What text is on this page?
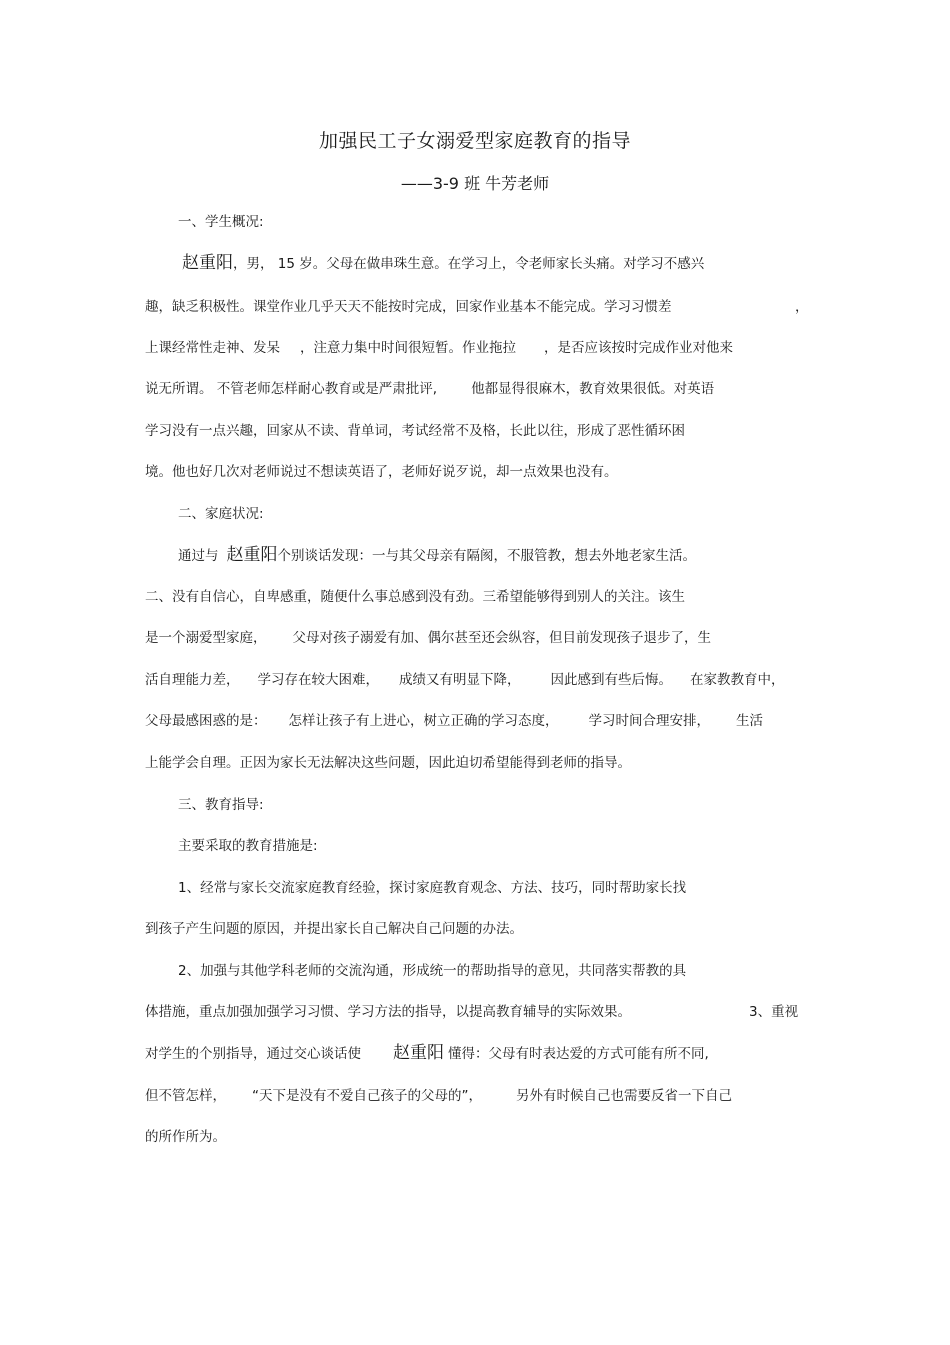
加强民工子女溺爱型家庭教育的指导
——3-9 班 牛芳老师
一、学生概况:
赵重阳，男， 15 岁。父母在做串珠生意。在学习上，令老师家长头痛。对学习不感兴
趣，缺乏积极性。课堂作业几乎天天不能按时完成，回家作业基本不能完成。学习习惯差	，
上课经常性走神、发呆 ，注意力集中时间很短暂。作业拖拉 ，是否应该按时完成作业对他来
说无所谓。 不管老师怎样耐心教育或是严肃批评,	他都显得很麻木，教育效果很低。对英语
学习没有一点兴趣，回家从不读、背单词，考试经常不及格，长此以往，形成了恶性循环困
境。他也好几次对老师说过不想读英语了，老师好说歹说，却一点效果也没有。
二、家庭状况:
通过与 赵重阳个别谈话发现：一与其父母亲有隔阂，不服管教，想去外地老家生活。
二、没有自信心，自卑感重，随便什么事总感到没有劲。三希望能够得到别人的关注。该生
是一个溺爱型家庭， 父母对孩子溺爱有加、偶尔甚至还会纵容，但目前发现孩子退步了，生
活自理能力差， 学习存在较大困难， 成绩又有明显下降， 因此感到有些后悔。 在家教教育中，
父母最感困惑的是： 怎样让孩子有上进心，树立正确的学习态度， 学习时间合理安排， 生活
上能学会自理。正因为家长无法解决这些问题，因此迫切希望能得到老师的指导。
三、教育指导:
主要采取的教育措施是:
1、经常与家长交流家庭教育经验，探讨家庭教育观念、方法、技巧，同时帮助家长找
到孩子产生问题的原因，并提出家长自己解决自己问题的办法。
2、加强与其他学科老师的交流沟通，形成统一的帮助指导的意见，共同落实帮教的具
体措施，重点加强加强学习习惯、学习方法的指导，以提高教育辅导的实际效果。	3、重视
对学生的个别指导，通过交心谈话使 赵重阳 懂得：父母有时表达爱的方式可能有所不同,
但不管怎样， “天下是没有不爱自己孩子的父母的”，	另外有时候自己也需要反省一下自己
的所作所为。
